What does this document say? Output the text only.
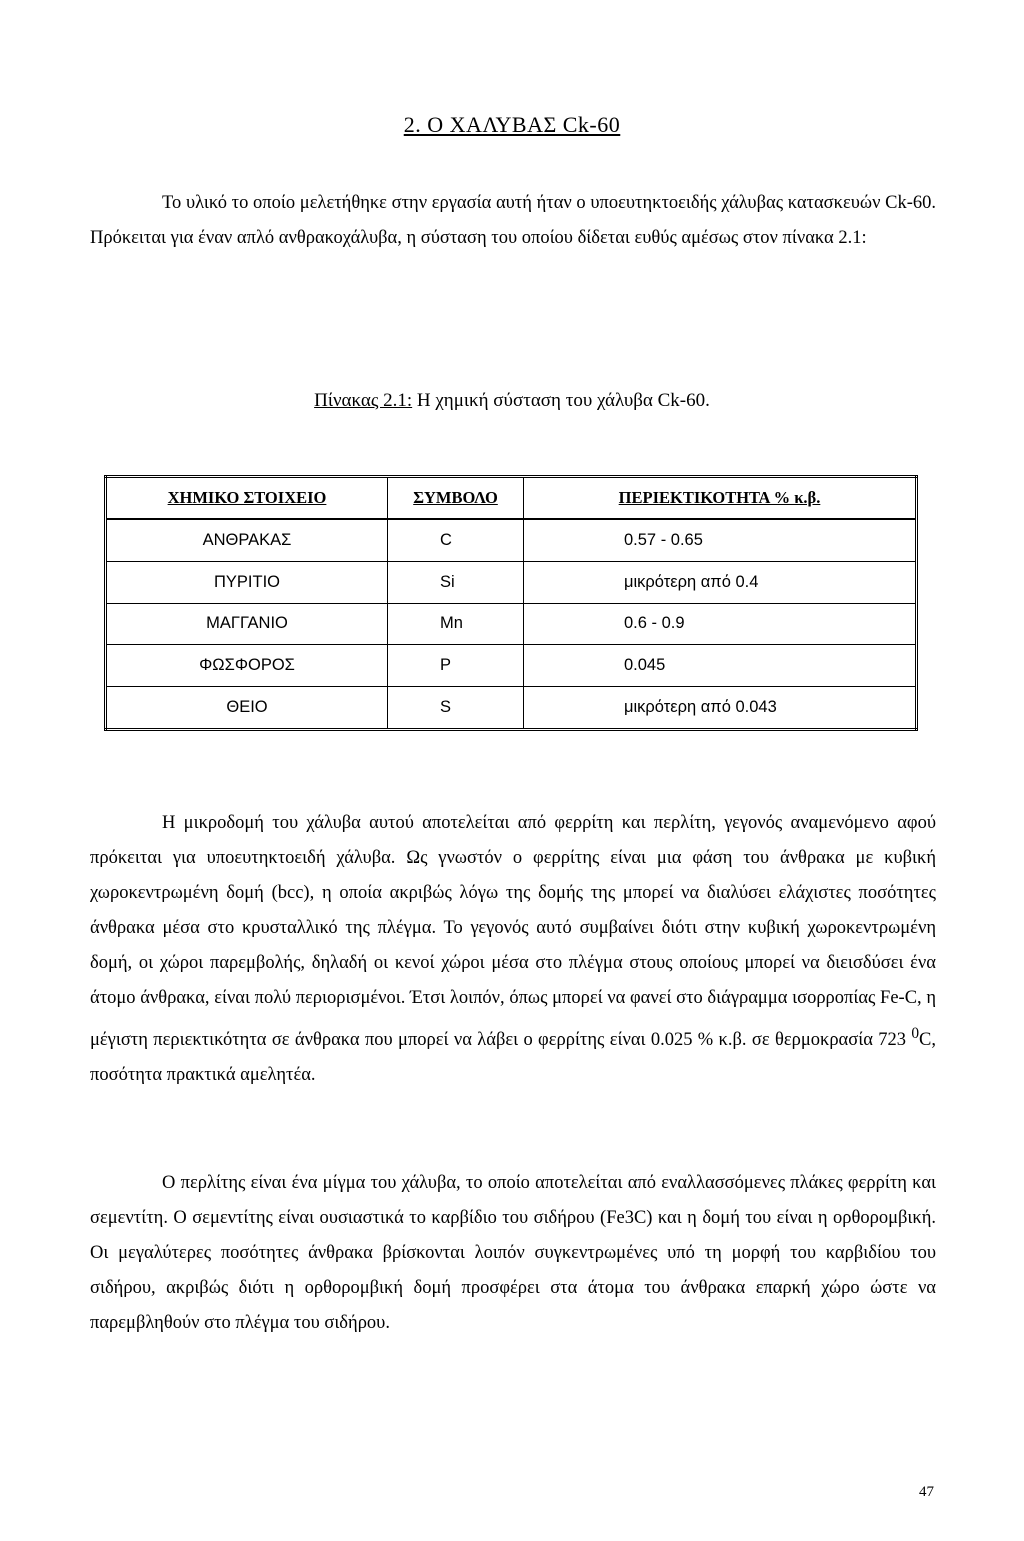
2. Ο ΧΑΛΥΒΑΣ Ck-60

Το υλικό το οποίο μελετήθηκε στην εργασία αυτή ήταν ο υποευτηκτοειδής χάλυβας κατασκευών Ck-60. Πρόκειται για έναν απλό ανθρακοχάλυβα, η σύσταση του οποίου δίδεται ευθύς αμέσως στον πίνακα 2.1:

Πίνακας 2.1: Η χημική σύσταση του χάλυβα Ck-60.

ΧΗΜΙΚΟ ΣΤΟΙΧΕΙΟ	ΣΥΜΒΟΛΟ	ΠΕΡΙΕΚΤΙΚΟΤΗΤΑ % κ.β.
ΑΝΘΡΑΚΑΣ	C	0.57 - 0.65
ΠΥΡΙΤΙΟ	Si	μικρότερη από 0.4
ΜΑΓΓΑΝΙΟ	Mn	0.6 - 0.9
ΦΩΣΦΟΡΟΣ	P	0.045
ΘΕΙΟ	S	μικρότερη από 0.043

Η μικροδομή του χάλυβα αυτού αποτελείται από φερρίτη και περλίτη, γεγονός αναμενόμενο αφού πρόκειται για υποευτηκτοειδή χάλυβα. Ως γνωστόν ο φερρίτης είναι μια φάση του άνθρακα με κυβική χωροκεντρωμένη δομή (bcc), η οποία ακριβώς λόγω της δομής της μπορεί να διαλύσει ελάχιστες ποσότητες άνθρακα μέσα στο κρυσταλλικό της πλέγμα. Το γεγονός αυτό συμβαίνει διότι στην κυβική χωροκεντρωμένη δομή, οι χώροι παρεμβολής, δηλαδή οι κενοί χώροι μέσα στο πλέγμα στους οποίους μπορεί να διεισδύσει ένα άτομο άνθρακα, είναι πολύ περιορισμένοι. Έτσι λοιπόν, όπως μπορεί να φανεί στο διάγραμμα ισορροπίας Fe-C, η μέγιστη περιεκτικότητα σε άνθρακα που μπορεί να λάβει ο φερρίτης είναι 0.025 % κ.β. σε θερμοκρασία 723 $^0$C, ποσότητα πρακτικά αμελητέα.

Ο περλίτης είναι ένα μίγμα του χάλυβα, το οποίο αποτελείται από εναλλασσόμενες πλάκες φερρίτη και σεμεντίτη. Ο σεμεντίτης είναι ουσιαστικά το καρβίδιο του σιδήρου (Fe3C) και η δομή του είναι η ορθορομβική. Οι μεγαλύτερες ποσότητες άνθρακα βρίσκονται λοιπόν συγκεντρωμένες υπό τη μορφή του καρβιδίου του σιδήρου, ακριβώς διότι η ορθορομβική δομή προσφέρει στα άτομα του άνθρακα επαρκή χώρο ώστε να παρεμβληθούν στο πλέγμα του σιδήρου.

47
